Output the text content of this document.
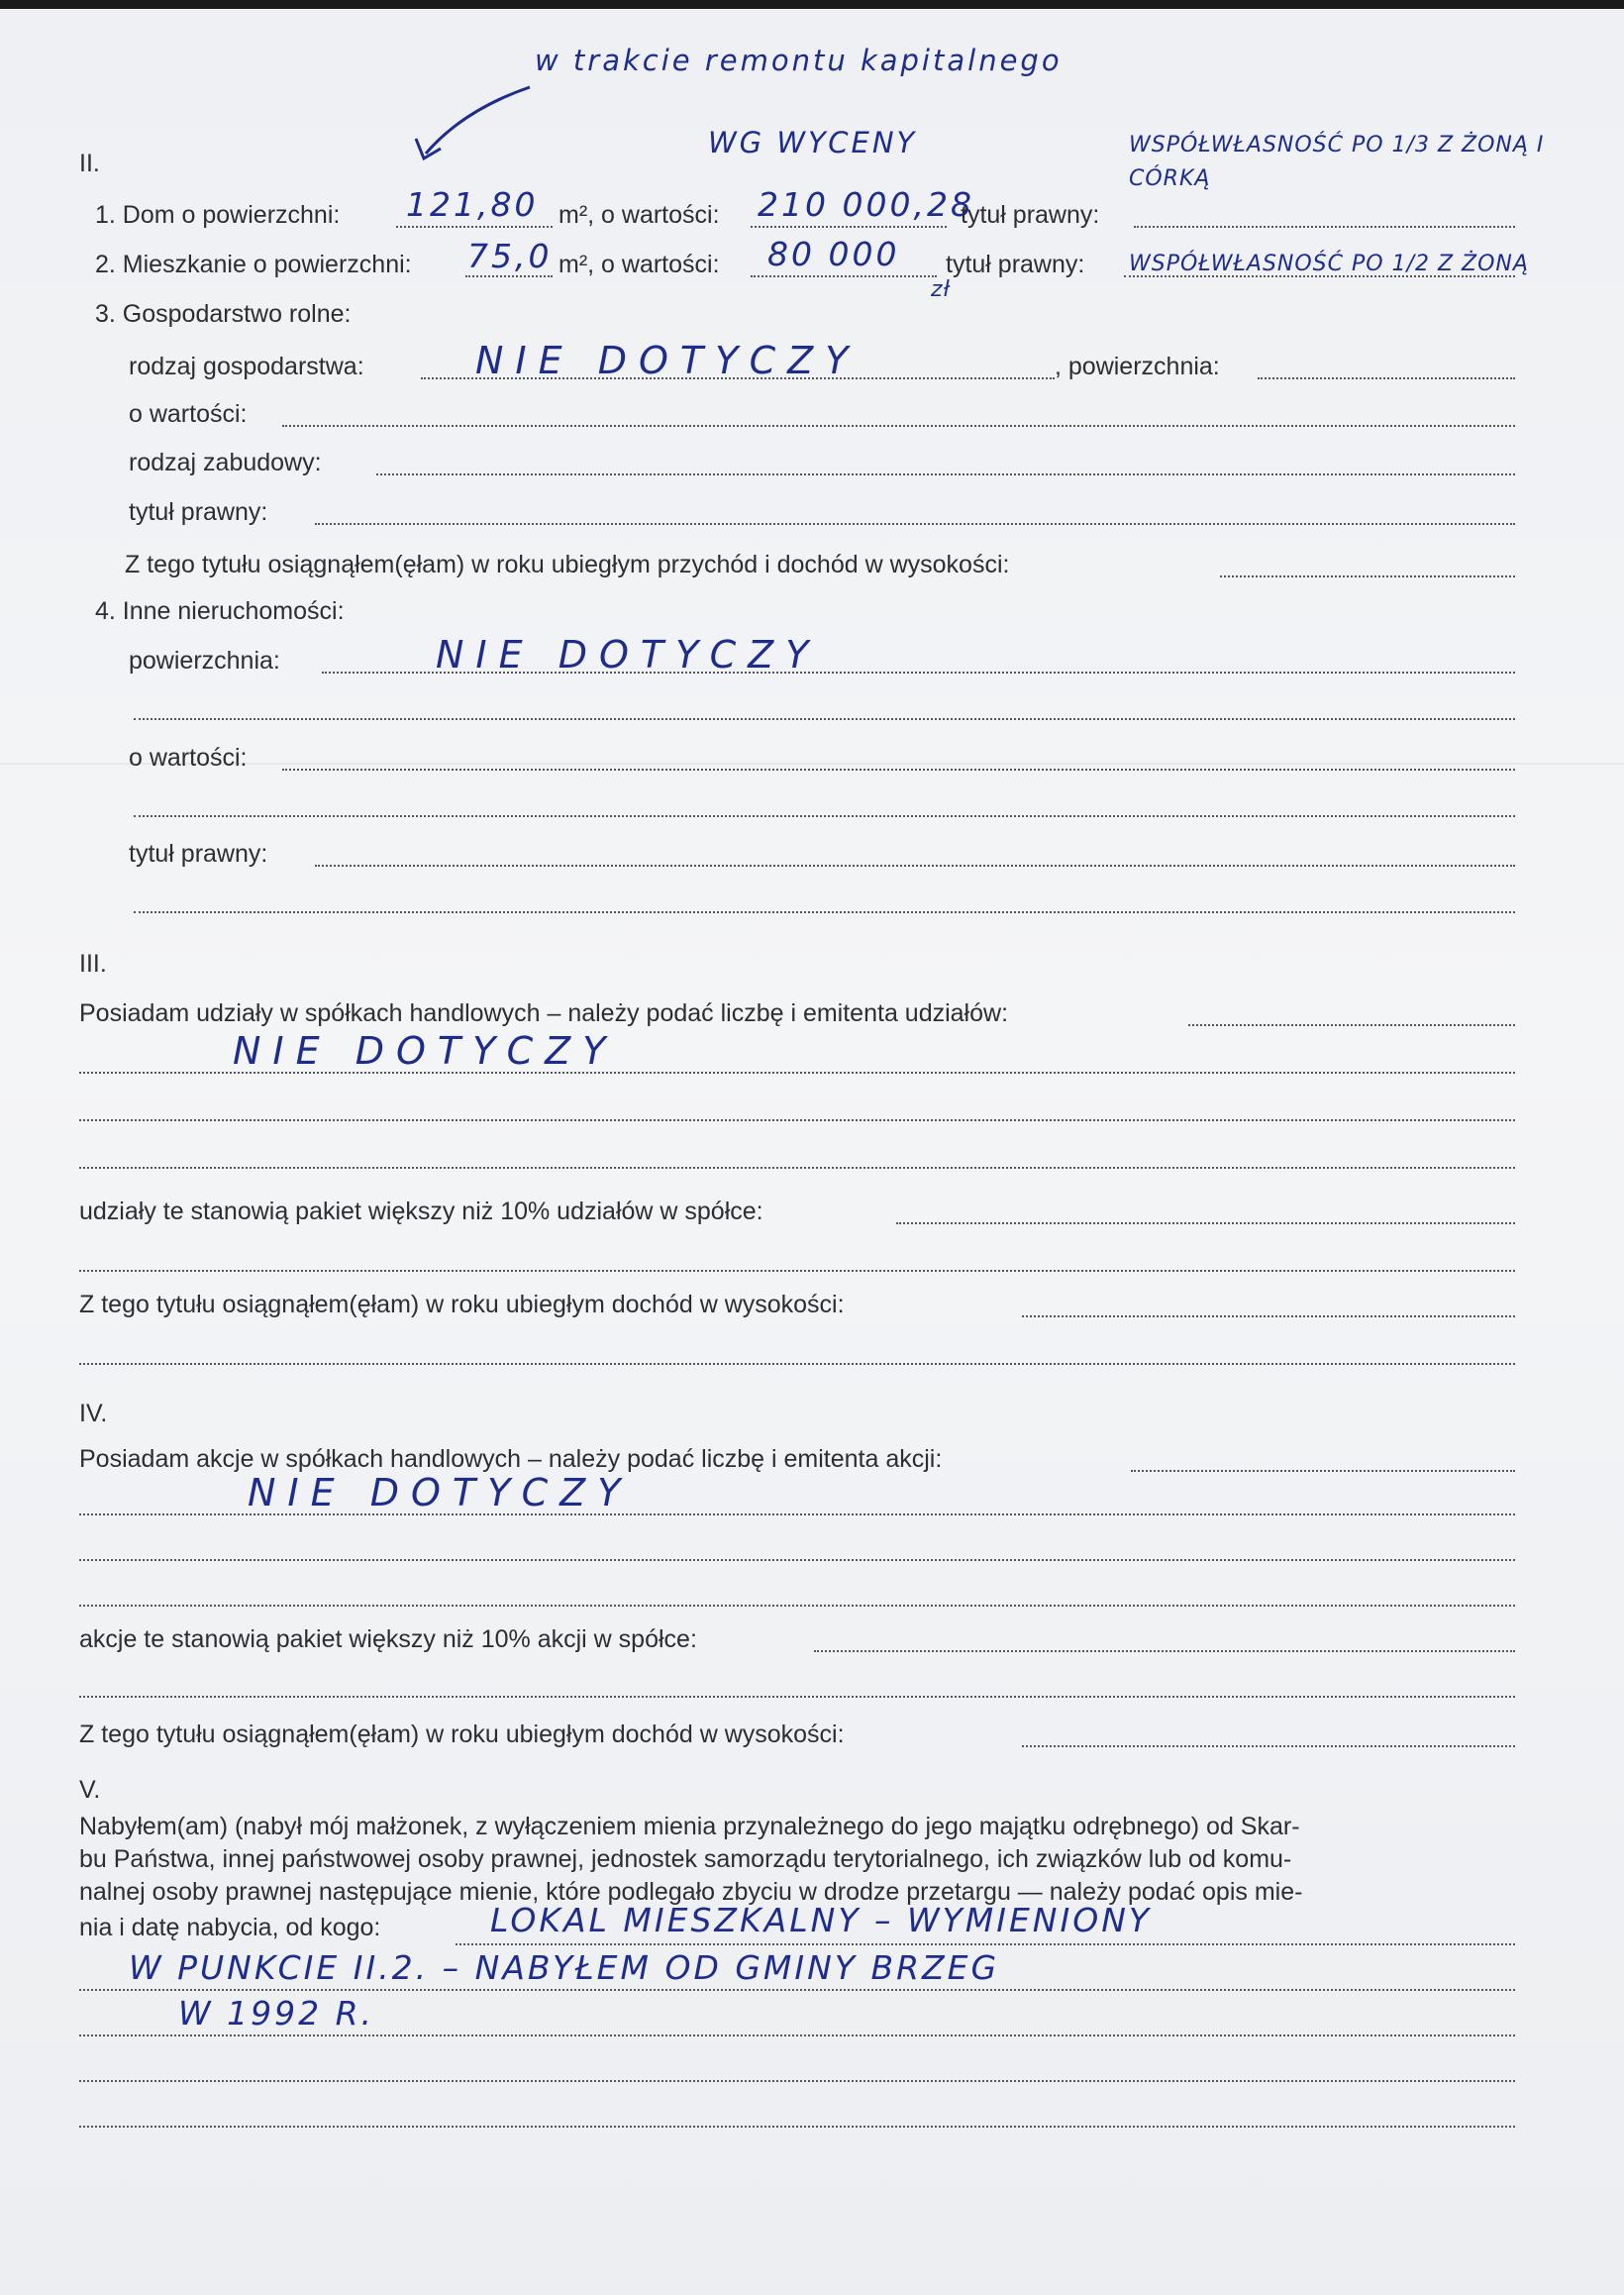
w trakcie remontu kapitalnego
II.
WG WYCENY	WSPÓŁWŁASNOŚĆ PO 1/3 Z ŻONĄ I CÓRKĄ
1. Dom o powierzchni: 121,80 m², o wartości: 210 000,28
tytuł prawny:
2. Mieszkanie o powierzchni: 75,0 m², o wartości: 80 000
zł
tytuł prawny: WSPÓŁWŁASNOŚĆ PO 1/2 Z ŻONĄ
3. Gospodarstwo rolne:
rodzaj gospodarstwa:	NIE DOTYCZY	, powierzchnia:
o wartości:
rodzaj zabudowy:
tytuł prawny:
Z tego tytułu osiągnąłem(ęłam) w roku ubiegłym przychód i dochód w wysokości:
4. Inne nieruchomości:
powierzchnia:	NIE DOTYCZY
o wartości:
tytuł prawny:
III.
Posiadam udziały w spółkach handlowych – należy podać liczbę i emitenta udziałów:
NIE DOTYCZY
udziały te stanowią pakiet większy niż 10% udziałów w spółce:
Z tego tytułu osiągnąłem(ęłam) w roku ubiegłym dochód w wysokości:
IV.
Posiadam akcje w spółkach handlowych – należy podać liczbę i emitenta akcji:
NIE DOTYCZY
akcje te stanowią pakiet większy niż 10% akcji w spółce:
Z tego tytułu osiągnąłem(ęłam) w roku ubiegłym dochód w wysokości:
V.
Nabyłem(am) (nabył mój małżonek, z wyłączeniem mienia przynależnego do jego majątku odrębnego) od Skar-
bu Państwa, innej państwowej osoby prawnej, jednostek samorządu terytorialnego, ich związków lub od komu-
nalnej osoby prawnej następujące mienie, które podlegało zbyciu w drodze przetargu — należy podać opis mie-
nia i datę nabycia, od kogo:	LOKAL MIESZKALNY – WYMIENIONY
W PUNKCIE II.2. – NABYŁEM OD GMINY BRZEG
W 1992 R.
